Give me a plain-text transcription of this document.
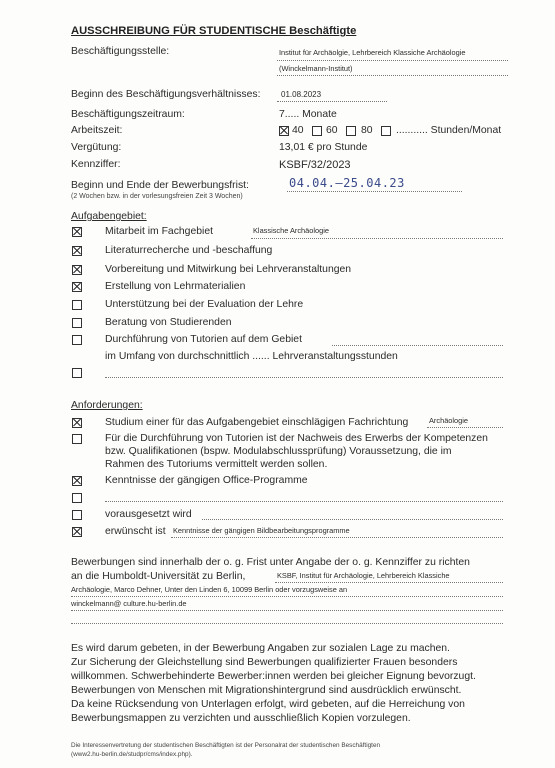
AUSSCHREIBUNG FÜR STUDENTISCHE Beschäftigte
Beschäftigungsstelle:	Institut für Archäolgie, Lehrbereich Klassiche Archäologie
(Winckelmann-Institut)
Beginn des Beschäftigungsverhältnisses:	01.08.2023
Beschäftigungszeitraum:	7..... Monate
Arbeitszeit:	40 60 80 ........... Stunden/Monat
Vergütung:	13,01 € pro Stunde
Kennziffer:	KSBF/32/2023
Beginn und Ende der Bewerbungsfrist:
(2 Wochen bzw. in der vorlesungsfreien Zeit 3 Wochen)
04.04.–25.04.23
Aufgabengebiet:
Mitarbeit im Fachgebiet	Klassische Archäologie
Literaturrecherche und -beschaffung
Vorbereitung und Mitwirkung bei Lehrveranstaltungen
Erstellung von Lehrmaterialien
Unterstützung bei der Evaluation der Lehre
Beratung von Studierenden
Durchführung von Tutorien auf dem Gebiet
im Umfang von durchschnittlich ...... Lehrveranstaltungsstunden
Anforderungen:
Studium einer für das Aufgabengebiet einschlägigen Fachrichtung	Archäologie
Für die Durchführung von Tutorien ist der Nachweis des Erwerbs der Kompetenzen
bzw. Qualifikationen (bspw. Modulabschlussprüfung) Voraussetzung, die im
Rahmen des Tutoriums vermittelt werden sollen.
Kenntnisse der gängigen Office-Programme
vorausgesetzt wird
erwünscht ist Kenntnisse der gängigen Bildbearbeitungsprogramme
Bewerbungen sind innerhalb der o. g. Frist unter Angabe der o. g. Kennziffer zu richten
an die Humboldt-Universität zu Berlin,	KSBF, Institut für Archäologie, Lehrbereich Klassiche
Archäologie, Marco Dehner, Unter den Linden 6, 10099 Berlin oder vorzugsweise an
winckelmann@ culture.hu-berlin.de
Es wird darum gebeten, in der Bewerbung Angaben zur sozialen Lage zu machen.
Zur Sicherung der Gleichstellung sind Bewerbungen qualifizierter Frauen besonders
willkommen. Schwerbehinderte Bewerber:innen werden bei gleicher Eignung bevorzugt.
Bewerbungen von Menschen mit Migrationshintergrund sind ausdrücklich erwünscht.
Da keine Rücksendung von Unterlagen erfolgt, wird gebeten, auf die Herreichung von
Bewerbungsmappen zu verzichten und ausschließlich Kopien vorzulegen.
Die Interessenvertretung der studentischen Beschäftigten ist der Personalrat der studentischen Beschäftigten
(www2.hu-berlin.de/studpr/cms/index.php).
